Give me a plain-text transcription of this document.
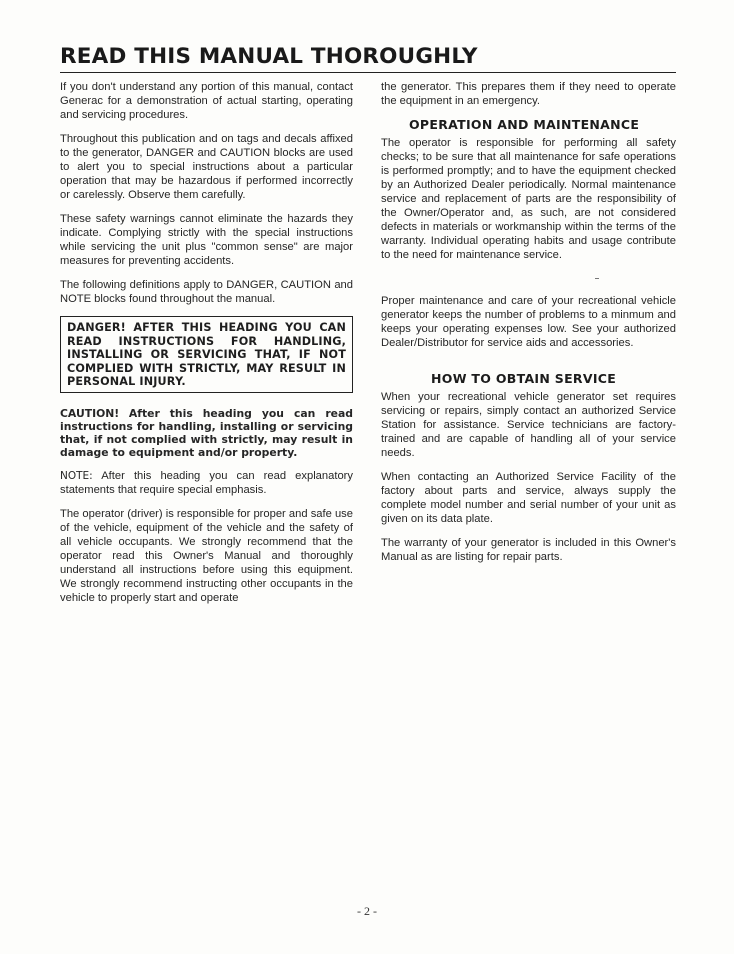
READ THIS MANUAL THOROUGHLY

If you don't understand any portion of this manual, contact Generac for a demonstration of actual starting, operating and servicing procedures.

Throughout this publication and on tags and decals affixed to the generator, DANGER and CAUTION blocks are used to alert you to special instructions about a particular operation that may be hazardous if performed incorrectly or carelessly. Observe them carefully.

These safety warnings cannot eliminate the hazards they indicate. Complying strictly with the special instructions while servicing the unit plus "common sense" are major measures for preventing accidents.

The following definitions apply to DANGER, CAUTION and NOTE blocks found throughout the manual.

DANGER! AFTER THIS HEADING YOU CAN READ INSTRUCTIONS FOR HANDLING, INSTALLING OR SERVICING THAT, IF NOT COMPLIED WITH STRICTLY, MAY RESULT IN PERSONAL INJURY.

CAUTION! After this heading you can read instructions for handling, installing or servicing that, if not complied with strictly, may result in damage to equipment and/or property.

NOTE: After this heading you can read explanatory statements that require special emphasis.

The operator (driver) is responsible for proper and safe use of the vehicle, equipment of the vehicle and the safety of all vehicle occupants. We strongly recommend that the operator read this Owner's Manual and thoroughly understand all instructions before using this equipment. We strongly recommend instructing other occupants in the vehicle to properly start and operate

the generator. This prepares them if they need to operate the equipment in an emergency.

OPERATION AND MAINTENANCE

The operator is responsible for performing all safety checks; to be sure that all maintenance for safe operations is performed promptly; and to have the equipment checked by an Authorized Dealer periodically. Normal maintenance service and replacement of parts are the responsibility of the Owner/Operator and, as such, are not considered defects in materials or workmanship within the terms of the warranty. Individual operating habits and usage contribute to the need for maintenance service.

Proper maintenance and care of your recreational vehicle generator keeps the number of problems to a minmum and keeps your operating expenses low. See your authorized Dealer/Distributor for service aids and accessories.

HOW TO OBTAIN SERVICE

When your recreational vehicle generator set requires servicing or repairs, simply contact an authorized Service Station for assistance. Service technicians are factory-trained and are capable of handling all of your service needs.

When contacting an Authorized Service Facility of the factory about parts and service, always supply the complete model number and serial number of your unit as given on its data plate.

The warranty of your generator is included in this Owner's Manual as are listing for repair parts.

- 2 -
